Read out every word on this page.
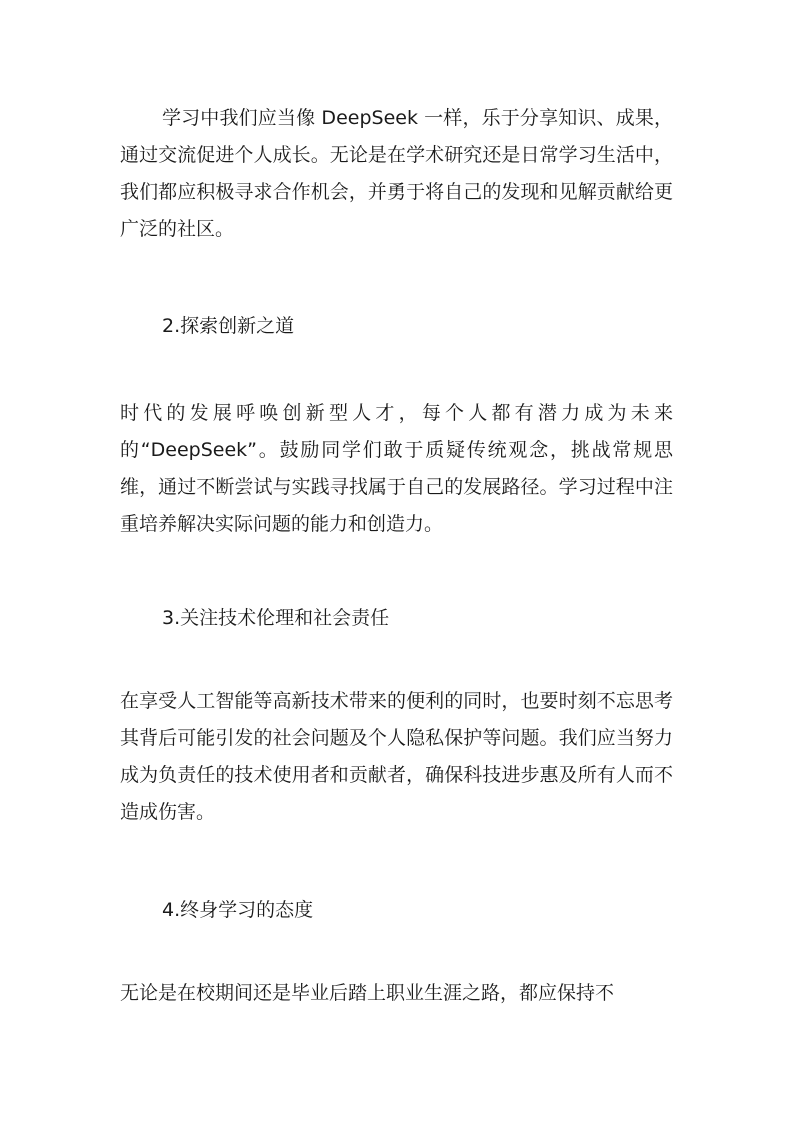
学习中我们应当像 DeepSeek 一样，乐于分享知识、成果，通过交流促进个人成长。无论是在学术研究还是日常学习生活中，我们都应积极寻求合作机会，并勇于将自己的发现和见解贡献给更广泛的社区。

2.探索创新之道

时代的发展呼唤创新型人才，每个人都有潜力成为未来的“DeepSeek”。鼓励同学们敢于质疑传统观念，挑战常规思维，通过不断尝试与实践寻找属于自己的发展路径。学习过程中注重培养解决实际问题的能力和创造力。

3.关注技术伦理和社会责任

在享受人工智能等高新技术带来的便利的同时，也要时刻不忘思考其背后可能引发的社会问题及个人隐私保护等问题。我们应当努力成为负责任的技术使用者和贡献者，确保科技进步惠及所有人而不造成伤害。

4.终身学习的态度

无论是在校期间还是毕业后踏上职业生涯之路，都应保持不
